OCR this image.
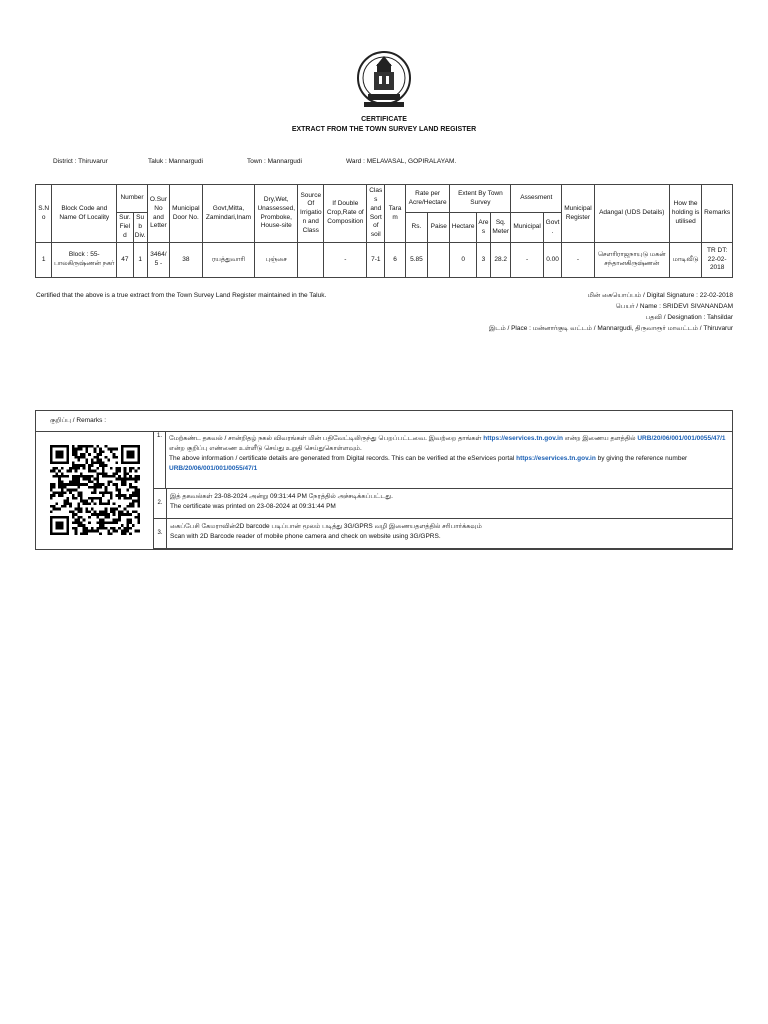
CERTIFICATE
EXTRACT FROM THE TOWN SURVEY LAND REGISTER
District : Thiruvarur	Taluk : Mannargudi	Town : Mannargudi	Ward : MELAVASAL, GOPIRALAYAM.
S.No	Block Code and Name Of Locality	Number		O.Sur No and Letter	Municipal Door No.	Govt,Mitta, Zamindari,Inam	Dry,Wet, Unassessed, Promboke, House-site	Source Of Irrigation and Class	If Double Crop,Rate of Composition	Class and Sort of soil	Taram	Rate per Acre/Hectare		Extent By Town Survey			Assesment		Municipal Register	Adangal (UDS Details)	How the holding is utilised	Remarks
		Sur. Field	Sub Div.									Rs.	Paise	Hectare	Ares	Sq. Meter	Municipal	Govt.				
1	Block : 55-பாலகிருஷ்ணன் நகர்	47	1	3464/5 -	38	ரயத்துவாரி	புஞ்சை		-	7-1	6	5.85		0	3	28.2	-	0.00	-	சௌரிராஜநாயுடு மகன் சந்தானகிருஷ்ணன்	மாடிவீடு	TR DT: 22-02-2018
Certified that the above is a true extract from the Town Survey Land Register maintained in the Taluk.	மின் கையொப்பம் / Digital Signature : 22-02-2018
பெயர் / Name : SRIDEVI SIVANANDAM
பதவி / Designation : Tahsildar
இடம் / Place : மன்னார்குடி வட்டம் / Mannargudi, திருவாரூர் மாவட்டம் / Thiruvarur
குறிப்பு / Remarks :
1.	மேற்கண்ட தகவல் / சான்றிதழ் நகல் விவரங்கள் மின் பதிவேட்டிலிருந்து பெறப்பட்டவை. இவற்றை தாங்கள் https://eservices.tn.gov.in என்ற இணைய தளத்தில் URB/20/06/001/001/0055/47/1 என்ற குறிப்பு எண்ணை உள்ளீடு செய்து உறுதி செய்துகொள்ளவும்.
The above information / certificate details are generated from Digital records. This can be verified at the eServices portal https://eservices.tn.gov.in by giving the reference number URB/20/06/001/001/0055/47/1
2.
இத் தகவல்கள் 23-08-2024 அன்று 09:31:44 PM நேரத்தில் அச்சடிக்கப்பட்டது.
The certificate was printed on 23-08-2024 at 09:31:44 PM
3.
கைப்பேசி கேமராவின்2D barcode படிப்பான் மூலம் படித்து 3G/GPRS வழி இணையதளத்தில் சரிபார்க்கவும்
Scan with 2D Barcode reader of mobile phone camera and check on website using 3G/GPRS.
